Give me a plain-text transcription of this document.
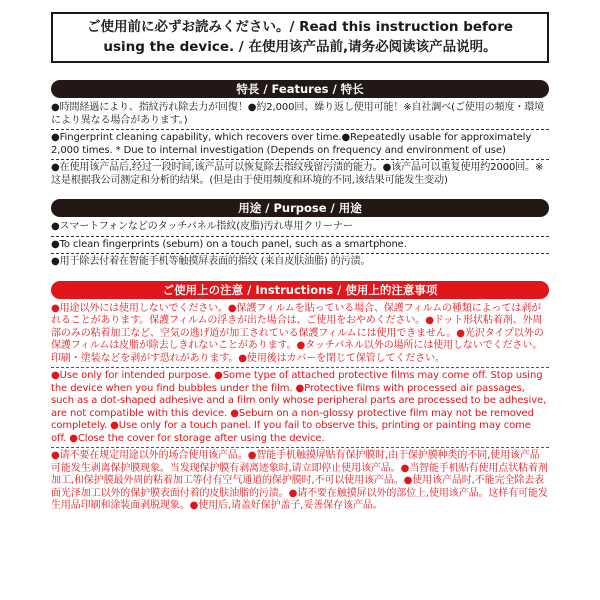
ご使用前に必ずお読みください。/ Read this instruction before
using the device. / 在使用该产品前,请务必阅读该产品说明。
特長 / Features / 特长
●時間経過により、指紋汚れ除去力が回復！●約2,000回、繰り返し使用可能！※自社調べ(ご使用の頻度・環境により異なる場合があります。)
●Fingerprint cleaning capability, which recovers over time.●Repeatedly usable for approximately 2,000 times. * Due to internal investigation (Depends on frequency and environment of use)
●在使用该产品后,经过一段时间,该产品可以恢复除去指纹残留污渍的能力。●该产品可以重复使用约2000回。※这是根据我公司测定和分析的结果。(但是由于使用频度和环境的不同,该结果可能发生变动)
用途 / Purpose / 用途
●スマートフォンなどのタッチパネル指紋(皮脂)汚れ専用クリーナー
●To clean fingerprints (sebum) on a touch panel, such as a smartphone.
●用于除去付着在智能手机等触摸屏表面的指纹 (来自皮肤油脂) 的污渍。
ご使用上の注意 / Instructions / 使用上的注意事项
●用途以外には使用しないでください。●保護フィルムを貼っている場合、保護フィルムの種類によっては剥がれることがあります。保護フィルムの浮きが出た場合は、ご使用をおやめください。●ドット形状粘着剤、外周部のみの粘着加工など、空気の逃げ道が加工されている保護フィルムには使用できません。●光沢タイプ以外の保護フィルムは皮脂が除去しきれないことがあります。●タッチパネル以外の場所には使用しないでください。印刷・塗装などを剥がす恐れがあります。●使用後はカバーを閉じて保管してください。
●Use only for intended purpose. ●Some type of attached protective films may come off. Stop using the device when you find bubbles under the film. ●Protective films with processed air passages, such as a dot-shaped adhesive and a film only whose peripheral parts are processed to be adhesive, are not compatible with this device. ●Sebum on a non-glossy protective film may not be removed completely. ●Use only for a touch panel. If you fail to observe this, printing or painting may come off. ●Close the cover for storage after using the device.
●请不要在规定用途以外的场合使用该产品。●智能手机触摸屏贴有保护膜时,由于保护膜种类的不同,使用该产品可能发生剥离保护膜现象。当发现保护膜有剥离迹象时,请立即停止使用该产品。●当智能手机贴有使用点状粘着剂加工,和保护膜最外周的粘着加工等付有空气通道的保护膜时,不可以使用该产品。●使用该产品时,不能完全除去表面光泽加工以外的保护膜表面付着的皮肤油脂的污渍。●请不要在触摸屏以外的部位上,使用该产品。这样有可能发生用品印刷和涂装面剥脱现象。●使用后,请盖好保护盖子,妥善保存该产品。
